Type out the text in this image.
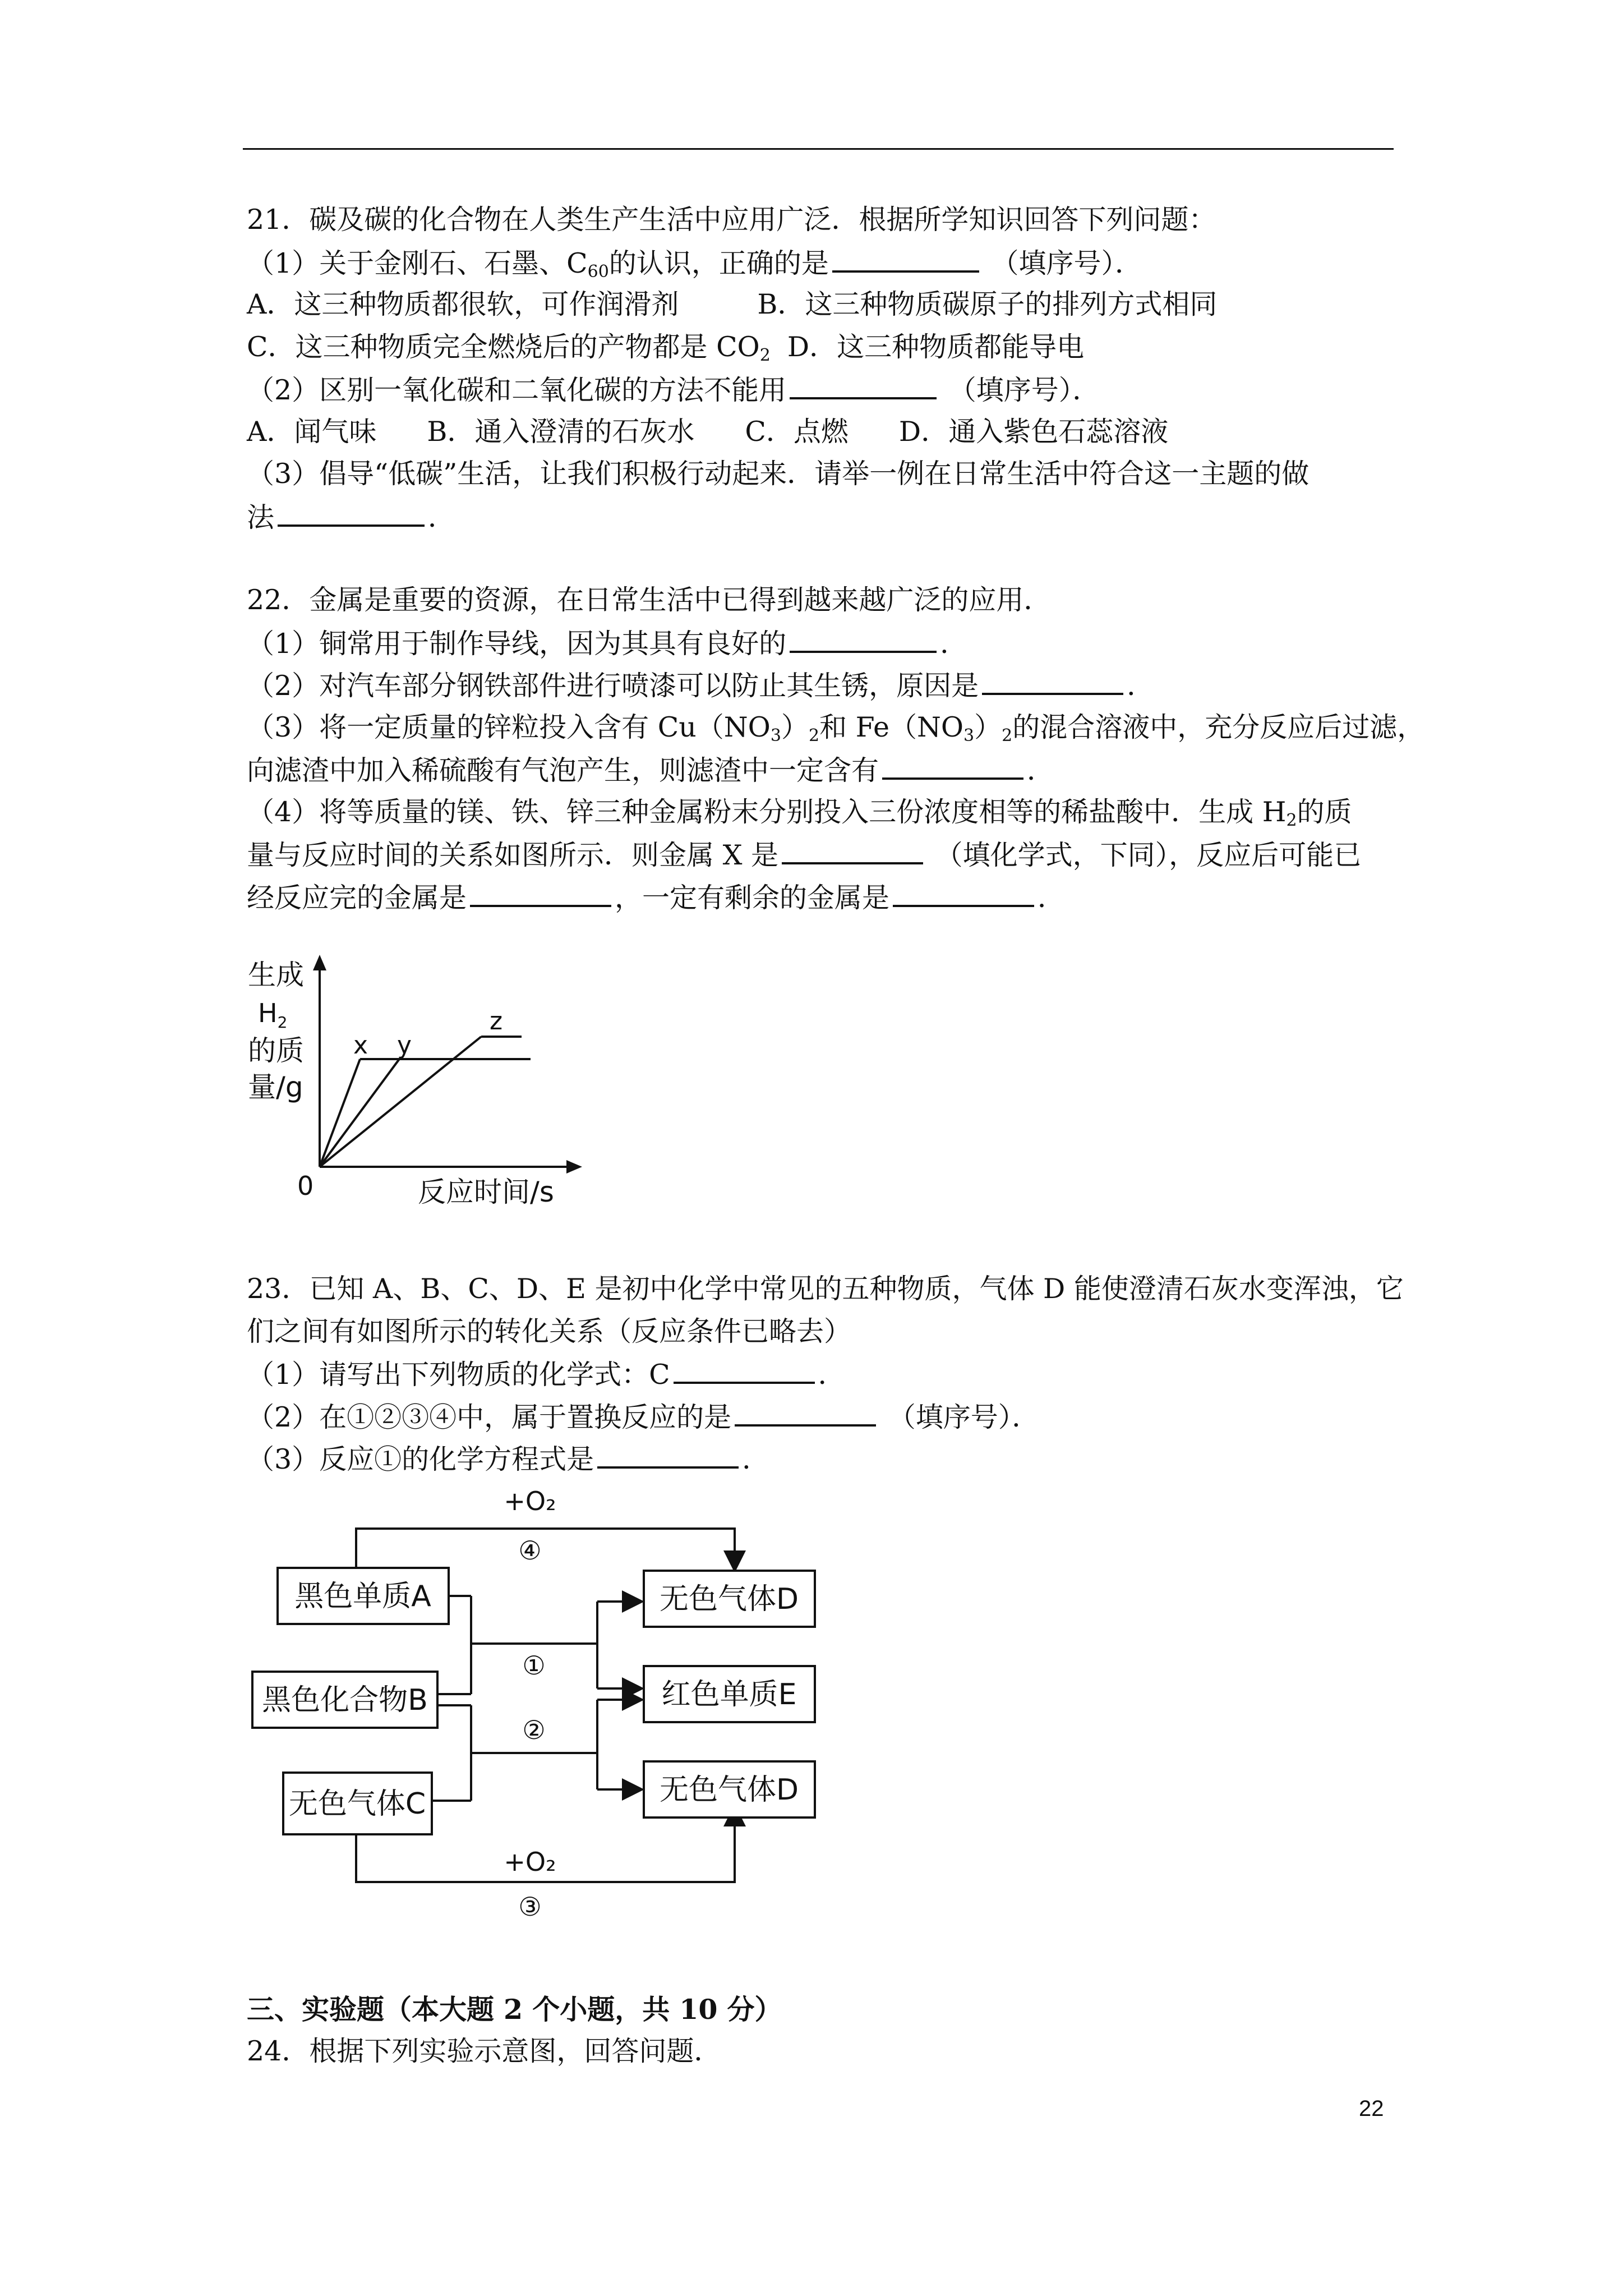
21．碳及碳的化合物在人类生产生活中应用广泛．根据所学知识回答下列问题：
（1）关于金刚石、石墨、$C_{60}$的认识，正确的是	（填序号）．
A．这三种物质都很软，可作润滑剂	B．这三种物质碳原子的排列方式相同
C．这三种物质完全燃烧后的产物都是 $CO_2$ D．这三种物质都能导电
（2）区别一氧化碳和二氧化碳的方法不能用	（填序号）．
A．闻气味 B．通入澄清的石灰水 C．点燃 D．通入紫色石蕊溶液
（3）倡导“低碳”生活，让我们积极行动起来．请举一例在日常生活中符合这一主题的做
法	．
22．金属是重要的资源，在日常生活中已得到越来越广泛的应用．
（1）铜常用于制作导线，因为其具有良好的	．
（2）对汽车部分钢铁部件进行喷漆可以防止其生锈，原因是	．
（3）将一定质量的锌粒投入含有 $Cu(NO_3)_2$和 $Fe(NO_3)_2$的混合溶液中，充分反应后过滤，
向滤渣中加入稀硫酸有气泡产生，则滤渣中一定含有	．
（4）将等质量的镁、铁、锌三种金属粉末分别投入三份浓度相等的稀盐酸中．生成 $H_2$的质
量与反应时间的关系如图所示．则金属 X 是	（填化学式，下同），反应后可能已
经反应完的金属是	，一定有剩余的金属是	．
生成
$H_2$
的质
量/g
x y
z
0	反应时间/s
23．已知 A、B、C、D、E 是初中化学中常见的五种物质，气体 D 能使澄清石灰水变浑浊，它
们之间有如图所示的转化关系（反应条件已略去）
（1）请写出下列物质的化学式：C	．
（2）在①②③④中，属于置换反应的是	（填序号）．
（3）反应①的化学方程式是	．
黑色单质A
黑色化合物B
无色气体C
无色气体D
红色单质E
无色气体D
+O₂
④
①
②
+O₂
③
三、实验题（本大题 2 个小题，共 10 分）
24．根据下列实验示意图，回答问题．
22
